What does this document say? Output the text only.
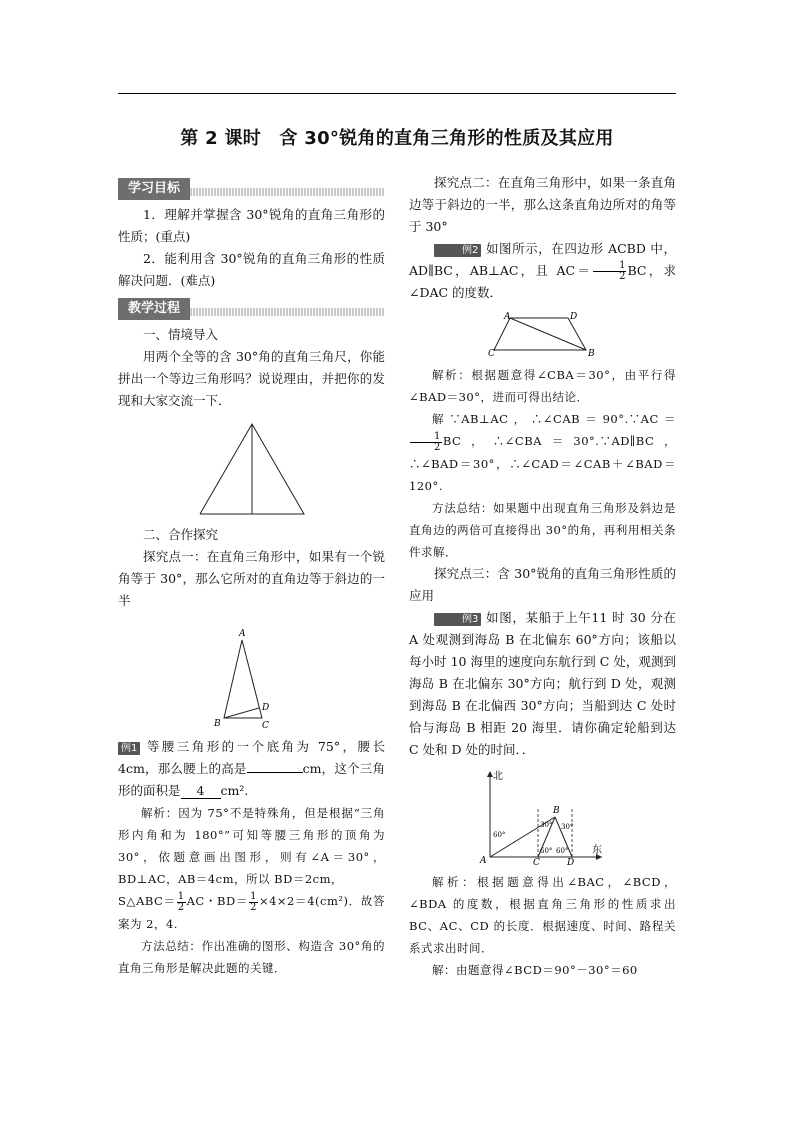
第 2 课时　含 30°锐角的直角三角形的性质及其应用
学习目标

1．理解并掌握含 30°锐角的直角三角形的性质；(重点)

2．能利用含 30°锐角的直角三角形的性质解决问题．(难点)

教学过程

一、情境导入

用两个全等的含 30°角的直角三角尺，你能拼出一个等边三角形吗？说说理由，并把你的发现和大家交流一下．

二、合作探究

探究点一：在直角三角形中，如果有一个锐角等于 30°，那么它所对的直角边等于斜边的一半

A
B	C
D

例1 等腰三角形的一个底角为 75°，腰长 4cm，那么腰上的高是	cm，这个三角形的面积是 4 cm².

解析：因为 75°不是特殊角，但是根据“三角形内角和为 180°”可知等腰三角形的顶角为 30°，依题意画出图形，则有∠A＝30°，BD⊥AC，AB＝4cm，所以 BD＝2cm，

S△ABC＝ $\frac{1}{2}$ AC・$BD= \frac{1}{2} \times 4\times 2=4(cm^2)$．故答案为 2，4.

方法总结：作出准确的图形、构造含 30°角的直角三角形是解决此题的关键．

探究点二：在直角三角形中，如果一条直角边等于斜边的一半，那么这条直角边所对的角等于 30°

例2 如图所示，在四边形 ACBD 中，AD∥BC，AB⊥AC，且 $AC= \frac{1}{2}$ BC，求∠DAC 的度数．

A	D
C	B

解析：根据题意得∠CBA＝30°，由平行得∠BAD＝30°，进而可得出结论．

解∵AB⊥AC，∴∠CAB＝90°.∵AC＝
$\frac{1}{2}$ BC，∴∠CBA＝30°.∵AD∥BC，∴∠BAD＝30°，∴∠CAD＝∠CAB＋∠BAD＝120°.

方法总结：如果题中出现直角三角形及斜边是直角边的两倍可直接得出 30°的角，再利用相关条件求解．

探究点三：含 30°锐角的直角三角形性质的应用

例3 如图，某船于上午11 时 30 分在 A 处观测到海岛 B 在北偏东 60°方向；该船以每小时 10 海里的速度向东航行到 C 处，观测到海岛 B 在北偏东 30°方向；航行到 D 处，观测到海岛 B 在北偏西 30°方向；当船到达 C 处时恰与海岛 B 相距 20 海里．请你确定轮船到达 C 处和 D 处的时间．．

北
东
A
B
C	D
60°
30° 30°
60° 60°

解析：根据题意得出∠BAC，∠BCD，∠BDA 的度数，根据直角三角形的性质求出 BC、AC、CD 的长度．根据速度、时间、路程关系式求出时间．

解：由题意得∠BCD＝90°－30°＝60
